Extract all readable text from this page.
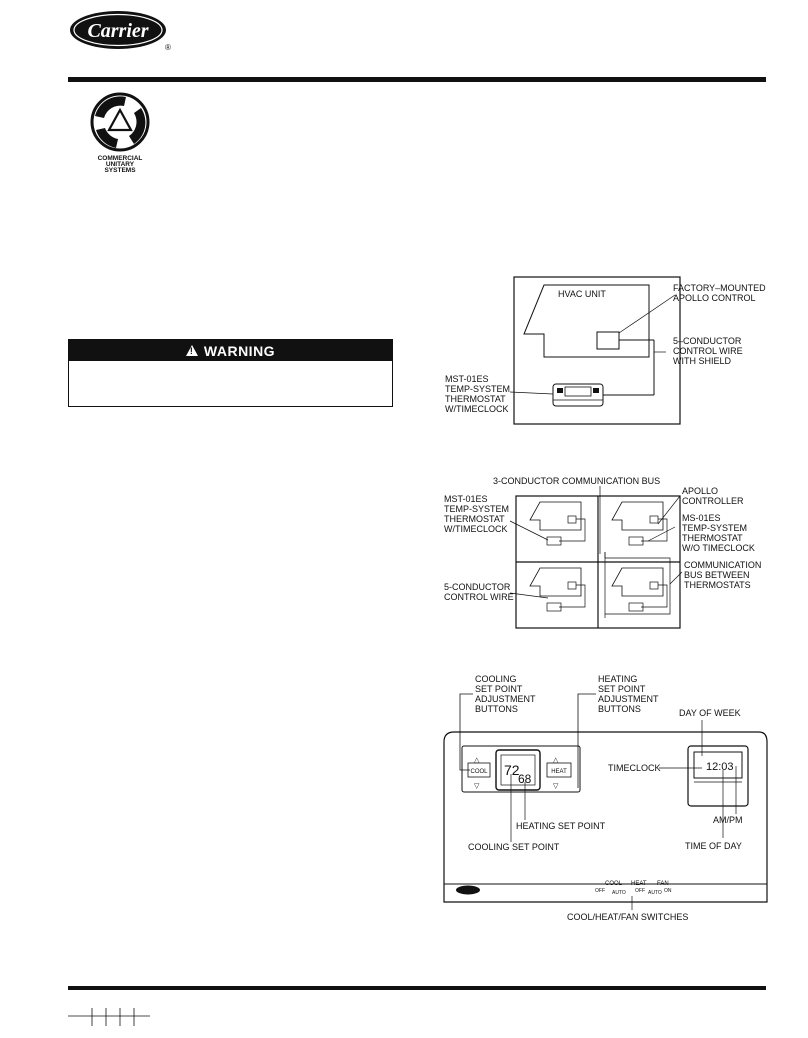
Carrier
®
COMMERCIAL
UNITARY
SYSTEMS
!
WARNING
HVAC UNIT
FACTORY–MOUNTED
APOLLO CONTROL
5–CONDUCTOR
CONTROL WIRE
WITH SHIELD
MST-01ES
TEMP-SYSTEM
THERMOSTAT
W/TIMECLOCK
3-CONDUCTOR COMMUNICATION BUS
MST-01ES
TEMP-SYSTEM
THERMOSTAT
W/TIMECLOCK
APOLLO
CONTROLLER
MS-01ES
TEMP-SYSTEM
THERMOSTAT
W/O TIMECLOCK
COMMUNICATION
BUS BETWEEN
THERMOSTATS
5-CONDUCTOR
CONTROL WIRE
COOLING
SET POINT
ADJUSTMENT
BUTTONS
HEATING
SET POINT
ADJUSTMENT
BUTTONS	DAY OF WEEK
△
COOL
▽
HEAT
△
▽
72
68
12:03
TIMECLOCK
HEATING SET POINT
COOLING SET POINT
AM/PM
TIME OF DAY
COOL HEAT FAN
OFF AUTO OFF AUTO ON
COOL/HEAT/FAN SWITCHES
